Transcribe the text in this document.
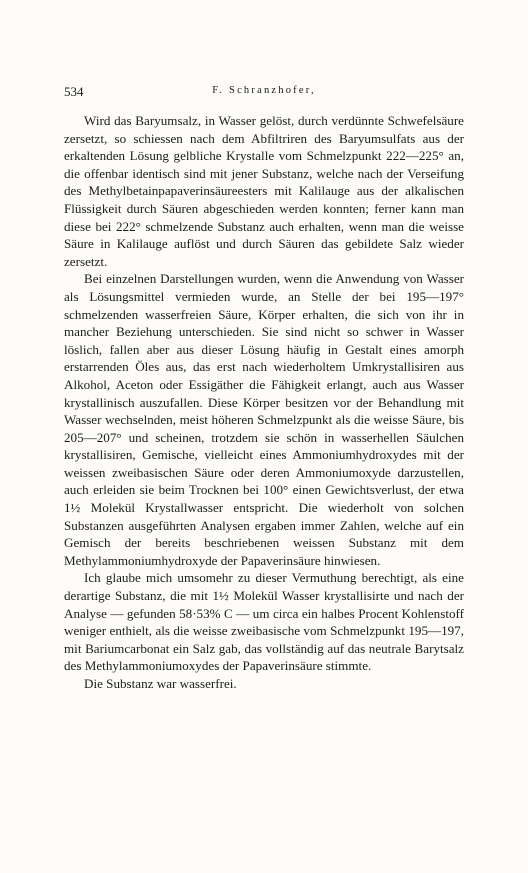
534	F. Schranzhofer,

Wird das Baryumsalz, in Wasser gelöst, durch verdünnte Schwefelsäure zersetzt, so schiessen nach dem Abfiltriren des Baryumsulfats aus der erkaltenden Lösung gelbliche Krystalle vom Schmelzpunkt 222—225° an, die offenbar identisch sind mit jener Substanz, welche nach der Verseifung des Methylbetainpapaverinsäureesters mit Kalilauge aus der alkalischen Flüssigkeit durch Säuren abgeschieden werden konnten; ferner kann man diese bei 222° schmelzende Substanz auch erhalten, wenn man die weisse Säure in Kalilauge auflöst und durch Säuren das gebildete Salz wieder zersetzt.

Bei einzelnen Darstellungen wurden, wenn die Anwendung von Wasser als Lösungsmittel vermieden wurde, an Stelle der bei 195—197° schmelzenden wasserfreien Säure, Körper erhalten, die sich von ihr in mancher Beziehung unterschieden. Sie sind nicht so schwer in Wasser löslich, fallen aber aus dieser Lösung häufig in Gestalt eines amorph erstarrenden Öles aus, das erst nach wiederholtem Umkrystallisiren aus Alkohol, Aceton oder Essigäther die Fähigkeit erlangt, auch aus Wasser krystallinisch auszufallen. Diese Körper besitzen vor der Behandlung mit Wasser wechselnden, meist höheren Schmelzpunkt als die weisse Säure, bis 205—207° und scheinen, trotzdem sie schön in wasserhellen Säulchen krystallisiren, Gemische, vielleicht eines Ammoniumhydroxydes mit der weissen zweibasischen Säure oder deren Ammoniumoxyde darzustellen, auch erleiden sie beim Trocknen bei 100° einen Gewichtsverlust, der etwa 1½ Molekül Krystallwasser entspricht. Die wiederholt von solchen Substanzen ausgeführten Analysen ergaben immer Zahlen, welche auf ein Gemisch der bereits beschriebenen weissen Substanz mit dem Methylammoniumhydroxyde der Papaverinsäure hinwiesen.

Ich glaube mich umsomehr zu dieser Vermuthung berechtigt, als eine derartige Substanz, die mit 1½ Molekül Wasser krystallisirte und nach der Analyse — gefunden 58·53% C — um circa ein halbes Procent Kohlenstoff weniger enthielt, als die weisse zweibasische vom Schmelzpunkt 195—197, mit Bariumcarbonat ein Salz gab, das vollständig auf das neutrale Barytsalz des Methylammoniumoxydes der Papaverinsäure stimmte.

Die Substanz war wasserfrei.
